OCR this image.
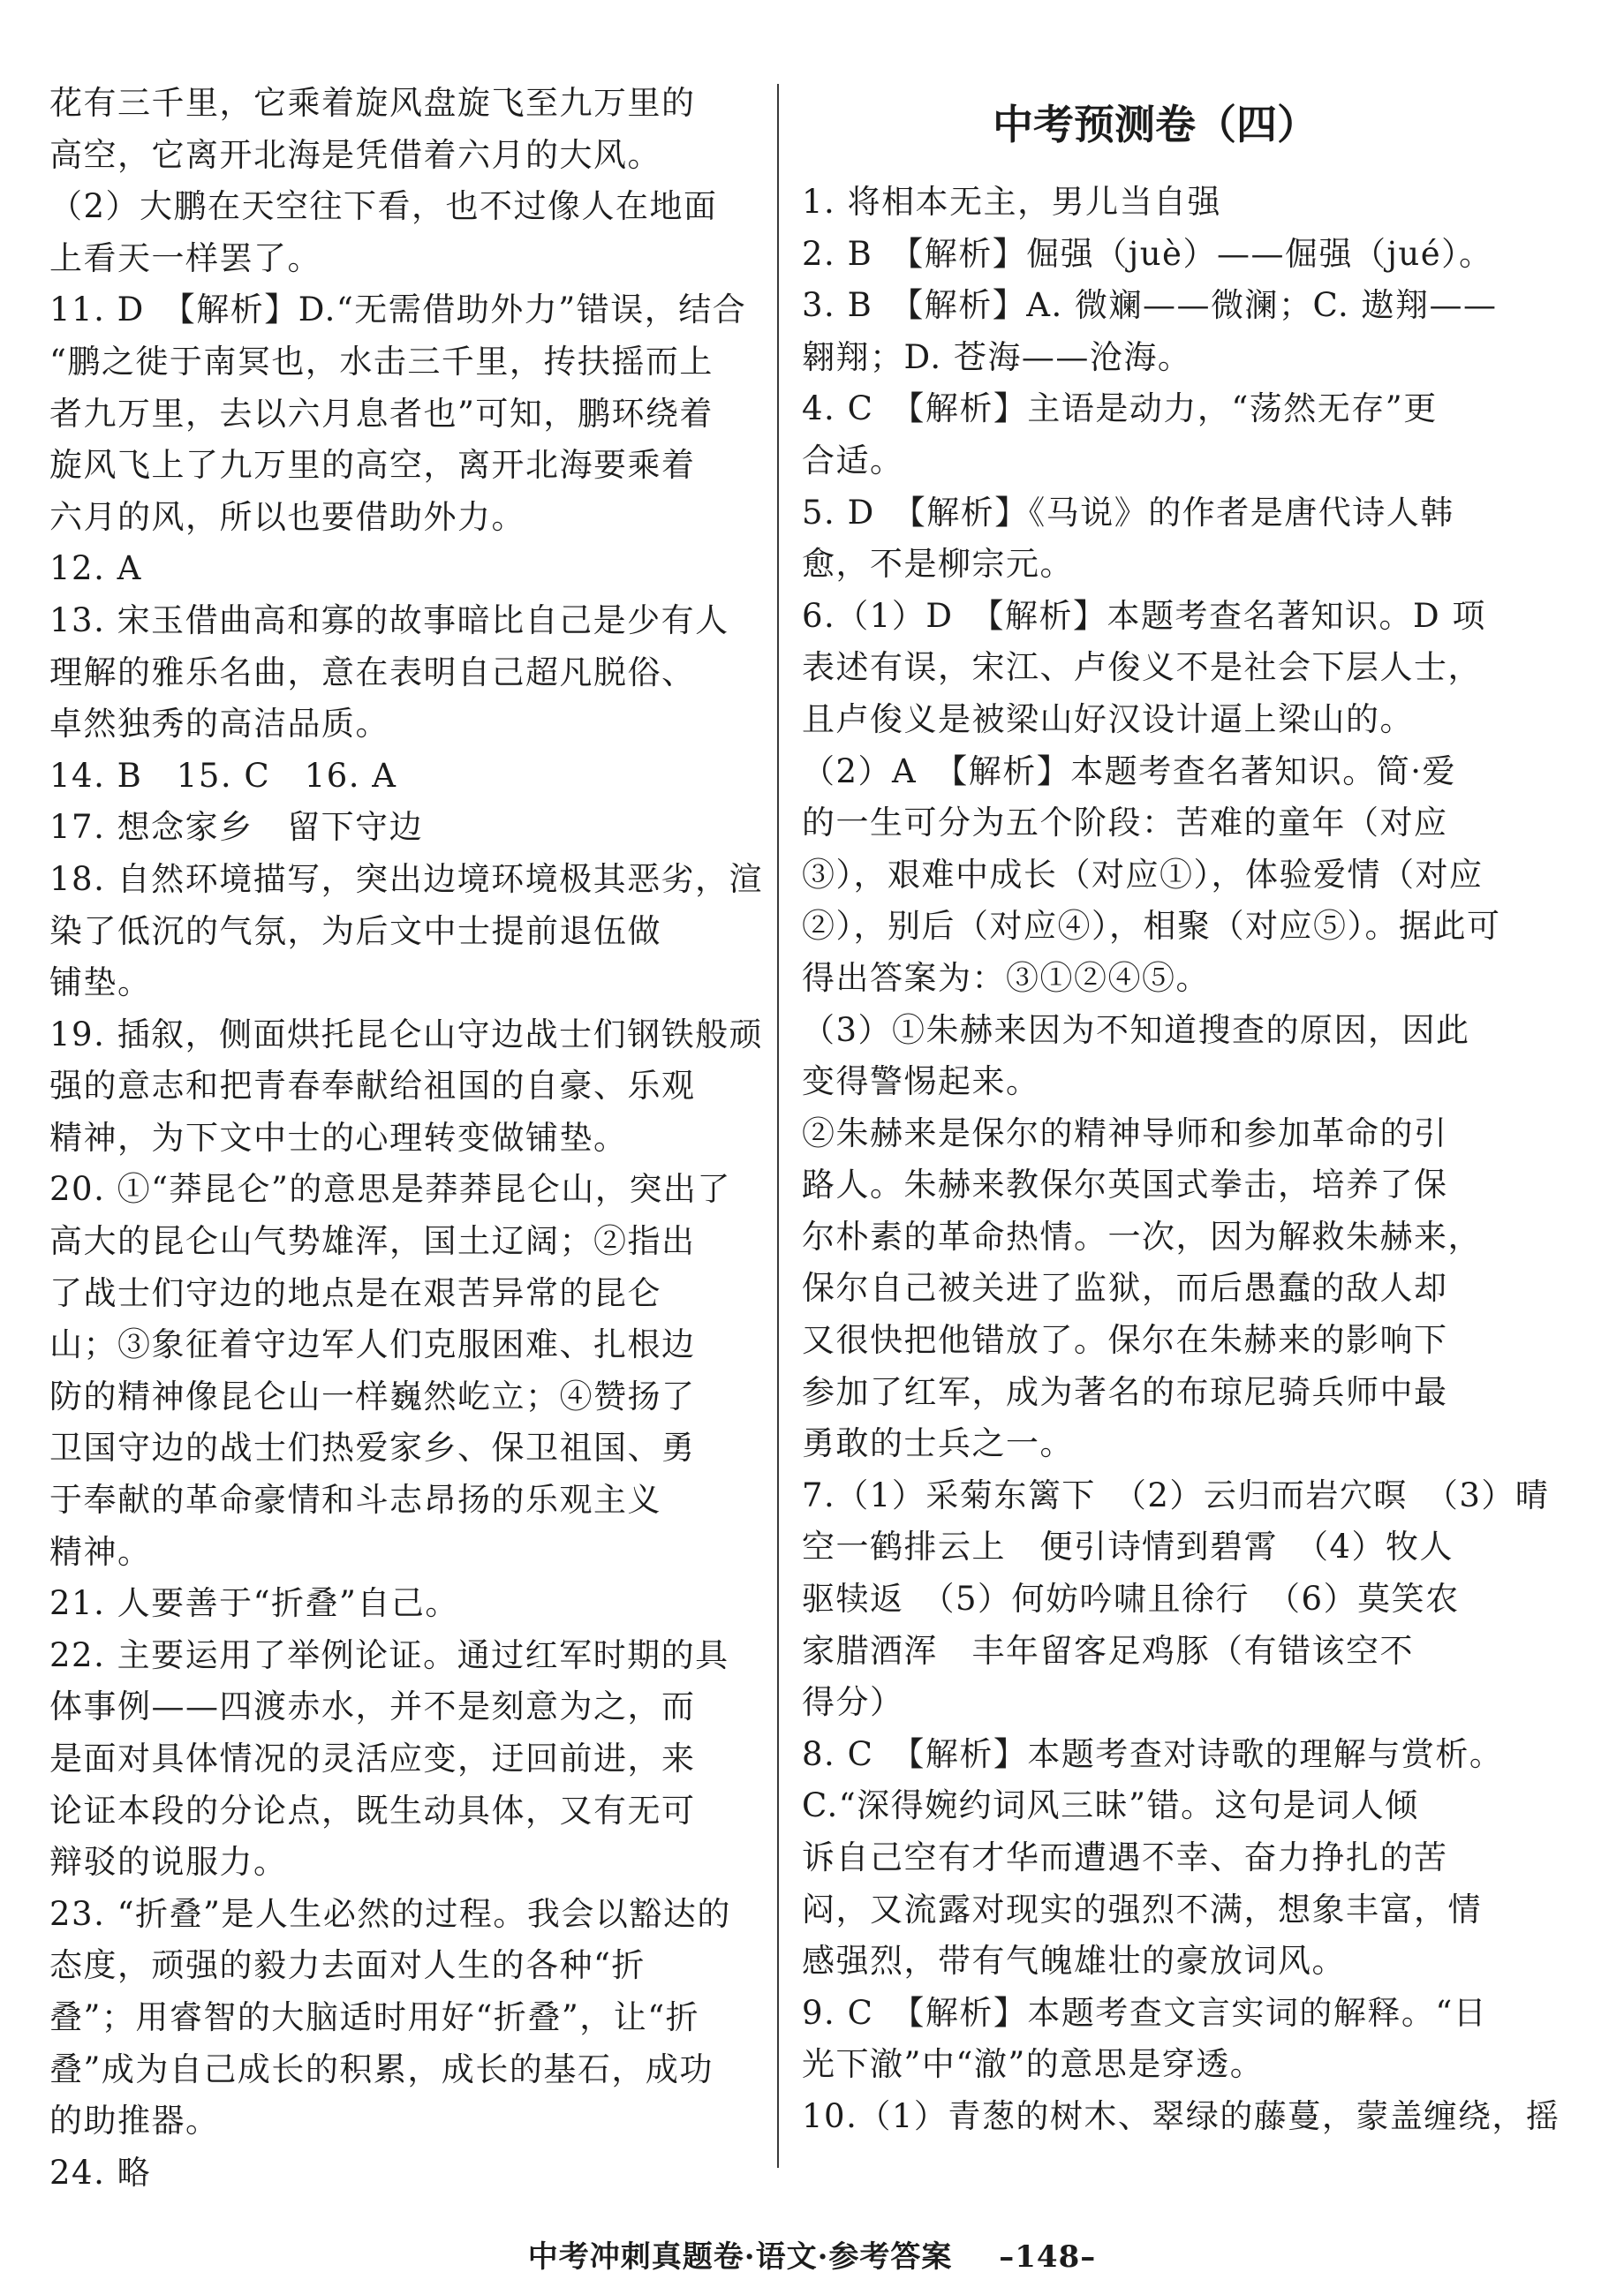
花有三千里，它乘着旋风盘旋飞至九万里的
高空，它离开北海是凭借着六月的大风。
（2）大鹏在天空往下看，也不过像人在地面
上看天一样罢了。
11. D　【解析】D.“无需借助外力”错误，结合
“鹏之徙于南冥也，水击三千里，抟扶摇而上
者九万里，去以六月息者也”可知，鹏环绕着
旋风飞上了九万里的高空，离开北海要乘着
六月的风，所以也要借助外力。
12. A
13. 宋玉借曲高和寡的故事暗比自己是少有人
理解的雅乐名曲，意在表明自己超凡脱俗、
卓然独秀的高洁品质。
14. B　15. C　16. A
17. 想念家乡　留下守边
18. 自然环境描写，突出边境环境极其恶劣，渲
染了低沉的气氛，为后文中士提前退伍做
铺垫。
19. 插叙，侧面烘托昆仑山守边战士们钢铁般顽
强的意志和把青春奉献给祖国的自豪、乐观
精神，为下文中士的心理转变做铺垫。
20. ①“莽昆仑”的意思是莽莽昆仑山，突出了
高大的昆仑山气势雄浑，国土辽阔；②指出
了战士们守边的地点是在艰苦异常的昆仑
山；③象征着守边军人们克服困难、扎根边
防的精神像昆仑山一样巍然屹立；④赞扬了
卫国守边的战士们热爱家乡、保卫祖国、勇
于奉献的革命豪情和斗志昂扬的乐观主义
精神。
21. 人要善于“折叠”自己。
22. 主要运用了举例论证。通过红军时期的具
体事例——四渡赤水，并不是刻意为之，而
是面对具体情况的灵活应变，迂回前进，来
论证本段的分论点，既生动具体，又有无可
辩驳的说服力。
23. “折叠”是人生必然的过程。我会以豁达的
态度，顽强的毅力去面对人生的各种“折
叠”；用睿智的大脑适时用好“折叠”，让“折
叠”成为自己成长的积累，成长的基石，成功
的助推器。
24. 略
中考预测卷（四）
1. 将相本无主，男儿当自强
2. B　【解析】倔强（juè）——倔强（jué）。
3. B　【解析】A. 微斓——微澜；C. 遨翔——
翱翔；D. 苍海——沧海。
4. C　【解析】主语是动力，“荡然无存”更
合适。
5. D　【解析】《马说》的作者是唐代诗人韩
愈，不是柳宗元。
6.（1）D　【解析】本题考查名著知识。D 项
表述有误，宋江、卢俊义不是社会下层人士，
且卢俊义是被梁山好汉设计逼上梁山的。
（2）A　【解析】本题考查名著知识。简·爱
的一生可分为五个阶段：苦难的童年（对应
③），艰难中成长（对应①），体验爱情（对应
②），别后（对应④），相聚（对应⑤）。据此可
得出答案为：③①②④⑤。
（3）①朱赫来因为不知道搜查的原因，因此
变得警惕起来。
②朱赫来是保尔的精神导师和参加革命的引
路人。朱赫来教保尔英国式拳击，培养了保
尔朴素的革命热情。一次，因为解救朱赫来，
保尔自己被关进了监狱，而后愚蠢的敌人却
又很快把他错放了。保尔在朱赫来的影响下
参加了红军，成为著名的布琼尼骑兵师中最
勇敢的士兵之一。
7.（1）采菊东篱下　（2）云归而岩穴暝　（3）晴
空一鹤排云上　便引诗情到碧霄　（4）牧人
驱犊返　（5）何妨吟啸且徐行　（6）莫笑农
家腊酒浑　丰年留客足鸡豚（有错该空不
得分）
8. C　【解析】本题考查对诗歌的理解与赏析。
C.“深得婉约词风三昧”错。这句是词人倾
诉自己空有才华而遭遇不幸、奋力挣扎的苦
闷，又流露对现实的强烈不满，想象丰富，情
感强烈，带有气魄雄壮的豪放词风。
9. C　【解析】本题考查文言实词的解释。“日
光下澈”中“澈”的意思是穿透。
10.（1）青葱的树木、翠绿的藤蔓，蒙盖缠绕，摇
中考冲刺真题卷·语文·参考答案 –148–
